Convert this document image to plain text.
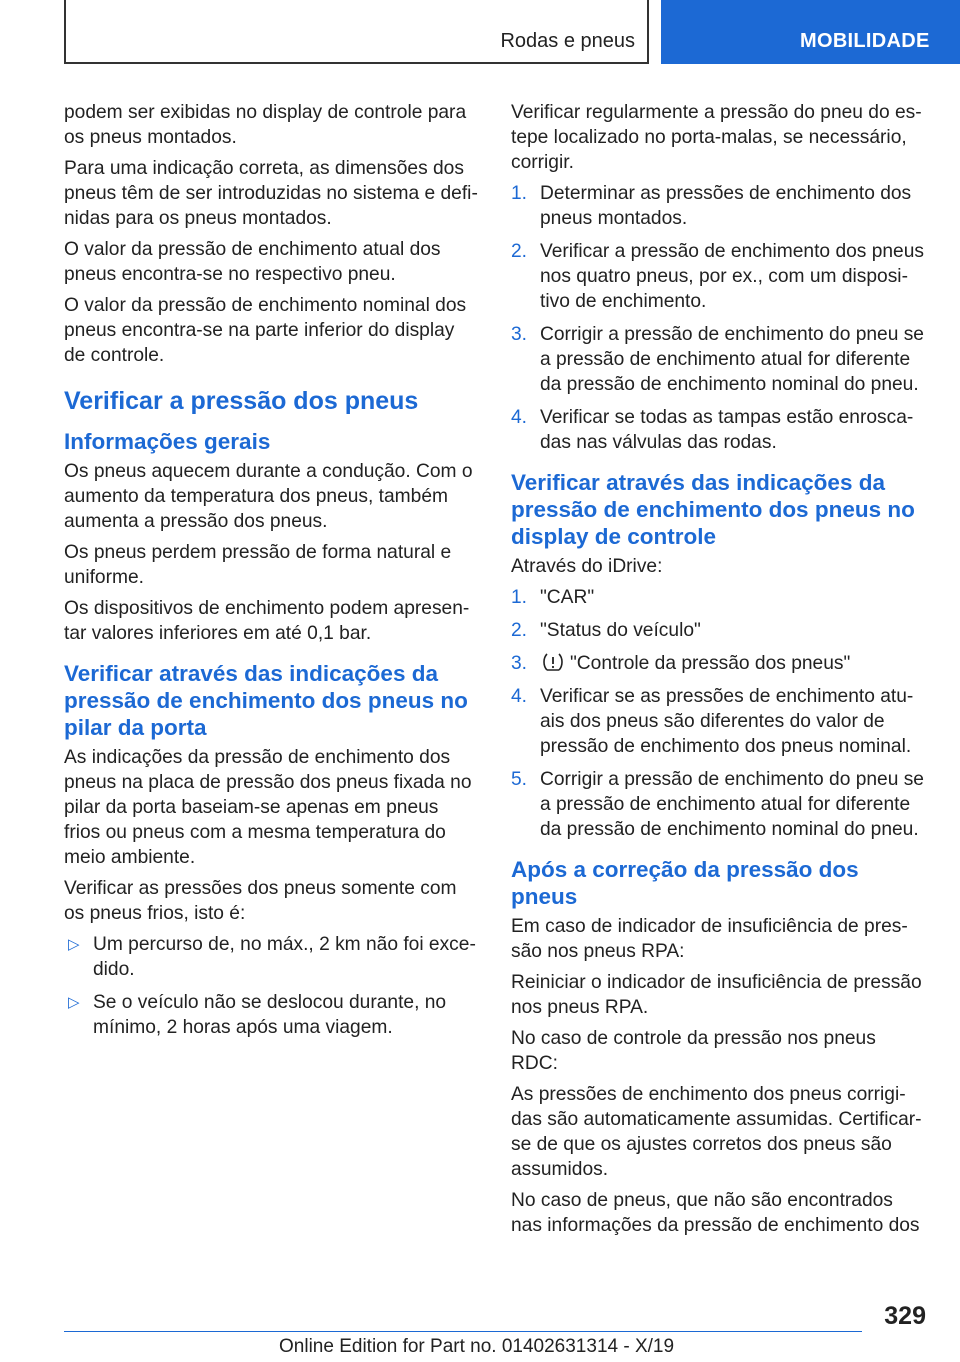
Rodas e pneus	MOBILIDADE

podem ser exibidas no display de controle para os pneus montados.

Para uma indicação correta, as dimensões dos pneus têm de ser introduzidas no sistema e definidas para os pneus montados.

O valor da pressão de enchimento atual dos pneus encontra-se no respectivo pneu.

O valor da pressão de enchimento nominal dos pneus encontra-se na parte inferior do display de controle.

Verificar a pressão dos pneus
Informações gerais

Os pneus aquecem durante a condução. Com o aumento da temperatura dos pneus, também aumenta a pressão dos pneus.

Os pneus perdem pressão de forma natural e uniforme.

Os dispositivos de enchimento podem apresentar valores inferiores em até 0,1 bar.

Verificar através das indicações da pressão de enchimento dos pneus no pilar da porta

As indicações da pressão de enchimento dos pneus na placa de pressão dos pneus fixada no pilar da porta baseiam-se apenas em pneus frios ou pneus com a mesma temperatura do meio ambiente.

Verificar as pressões dos pneus somente com os pneus frios, isto é:

▷ Um percurso de, no máx., 2 km não foi excedido.
▷ Se o veículo não se deslocou durante, no mínimo, 2 horas após uma viagem.

Verificar regularmente a pressão do pneu do estepe localizado no porta-malas, se necessário, corrigir.

1. Determinar as pressões de enchimento dos pneus montados.
2. Verificar a pressão de enchimento dos pneus nos quatro pneus, por ex., com um dispositivo de enchimento.
3. Corrigir a pressão de enchimento do pneu se a pressão de enchimento atual for diferente da pressão de enchimento nominal do pneu.
4. Verificar se todas as tampas estão enroscadas nas válvulas das rodas.
Verificar através das indicações da pressão de enchimento dos pneus no display de controle

Através do iDrive:

1. "CAR"
2. "Status do veículo"
3. "Controle da pressão dos pneus"
4. Verificar se as pressões de enchimento atuais dos pneus são diferentes do valor de pressão de enchimento dos pneus nominal.
5. Corrigir a pressão de enchimento do pneu se a pressão de enchimento atual for diferente da pressão de enchimento nominal do pneu.
Após a correção da pressão dos pneus

Em caso de indicador de insuficiência de pressão nos pneus RPA:

Reiniciar o indicador de insuficiência de pressão nos pneus RPA.

No caso de controle da pressão nos pneus RDC:

As pressões de enchimento dos pneus corrigidas são automaticamente assumidas. Certificar-se de que os ajustes corretos dos pneus são assumidos.

No caso de pneus, que não são encontrados nas informações da pressão de enchimento dos

329
Online Edition for Part no. 01402631314 - X/19
